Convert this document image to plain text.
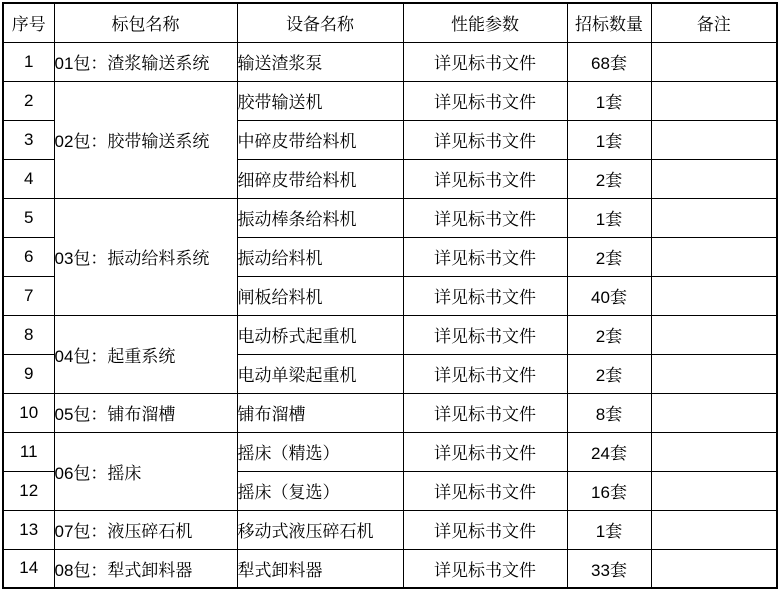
序号	标包名称	设备名称	性能参数	招标数量	备注
1	01包：渣浆输送系统	输送渣浆泵	详见标书文件	68套	
2	02包：胶带输送系统	胶带输送机	详见标书文件	1套	
3		中碎皮带给料机	详见标书文件	1套	
4		细碎皮带给料机	详见标书文件	2套	
5	03包：振动给料系统	振动棒条给料机	详见标书文件	1套	
6		振动给料机	详见标书文件	2套	
7		闸板给料机	详见标书文件	40套	
8	04包：起重系统	电动桥式起重机	详见标书文件	2套	
9		电动单梁起重机	详见标书文件	2套	
10	05包：铺布溜槽	铺布溜槽	详见标书文件	8套	
11	06包：摇床	摇床（精选）	详见标书文件	24套	
12		摇床（复选）	详见标书文件	16套	
13	07包：液压碎石机	移动式液压碎石机	详见标书文件	1套	
14	08包：犁式卸料器	犁式卸料器	详见标书文件	33套	
